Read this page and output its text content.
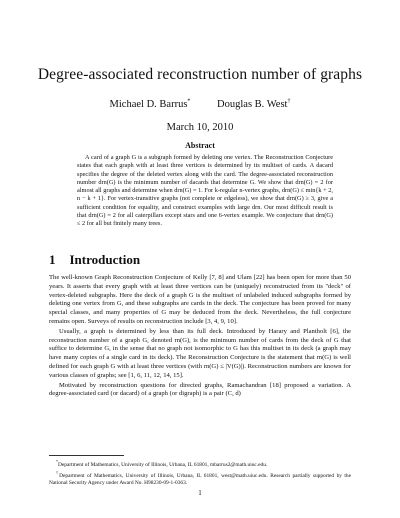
Degree-associated reconstruction number of graphs
Michael D. Barrus*	Douglas B. West†
March 10, 2010
Abstract

A card of a graph G is a subgraph formed by deleting one vertex. The Reconstruction Conjecture states that each graph with at least three vertices is determined by its multiset of cards. A dacard specifies the degree of the deleted vertex along with the card. The degree-associated reconstruction number drn(G) is the minimum number of dacards that determine G. We show that drn(G) = 2 for almost all graphs and determine when drn(G) = 1. For k-regular n-vertex graphs, drn(G) ≤ min{k + 2, n − k + 1}. For vertex-transitive graphs (not complete or edgeless), we show that drn(G) ≥ 3, give a sufficient condition for equality, and construct examples with large drn. Our most difficult result is that drn(G) = 2 for all caterpillars except stars and one 6-vertex example. We conjecture that drn(G) ≤ 2 for all but finitely many trees.

1 Introduction

The well-known Graph Reconstruction Conjecture of Kelly [7, 8] and Ulam [22] has been open for more than 50 years. It asserts that every graph with at least three vertices can be (uniquely) reconstructed from its "deck" of vertex-deleted subgraphs. Here the deck of a graph G is the multiset of unlabeled induced subgraphs formed by deleting one vertex from G, and these subgraphs are cards in the deck. The conjecture has been proved for many special classes, and many properties of G may be deduced from the deck. Nevertheless, the full conjecture remains open. Surveys of results on reconstruction include [3, 4, 9, 10].

Usually, a graph is determined by less than its full deck. Introduced by Harary and Plantholt [6], the reconstruction number of a graph G, denoted rn(G), is the minimum number of cards from the deck of G that suffice to determine G, in the sense that no graph not isomorphic to G has this multiset in its deck (a graph may have many copies of a single card in its deck). The Reconstruction Conjecture is the statement that rn(G) is well defined for each graph G with at least three vertices (with rn(G) ≤ |V(G)|). Reconstruction numbers are known for various classes of graphs; see [1, 6, 11, 12, 14, 15].

Motivated by reconstruction questions for directed graphs, Ramachandran [18] proposed a variation. A degree-associated card (or dacard) of a graph (or digraph) is a pair (C, d)

*Department of Mathematics, University of Illinois, Urbana, IL 61801, mbarrus2@math.uiuc.edu.

†Department of Mathematics, University of Illinois, Urbana, IL 61801, west@math.uiuc.edu. Research partially supported by the National Security Agency under Award No. H98230-09-1-0363.

1
